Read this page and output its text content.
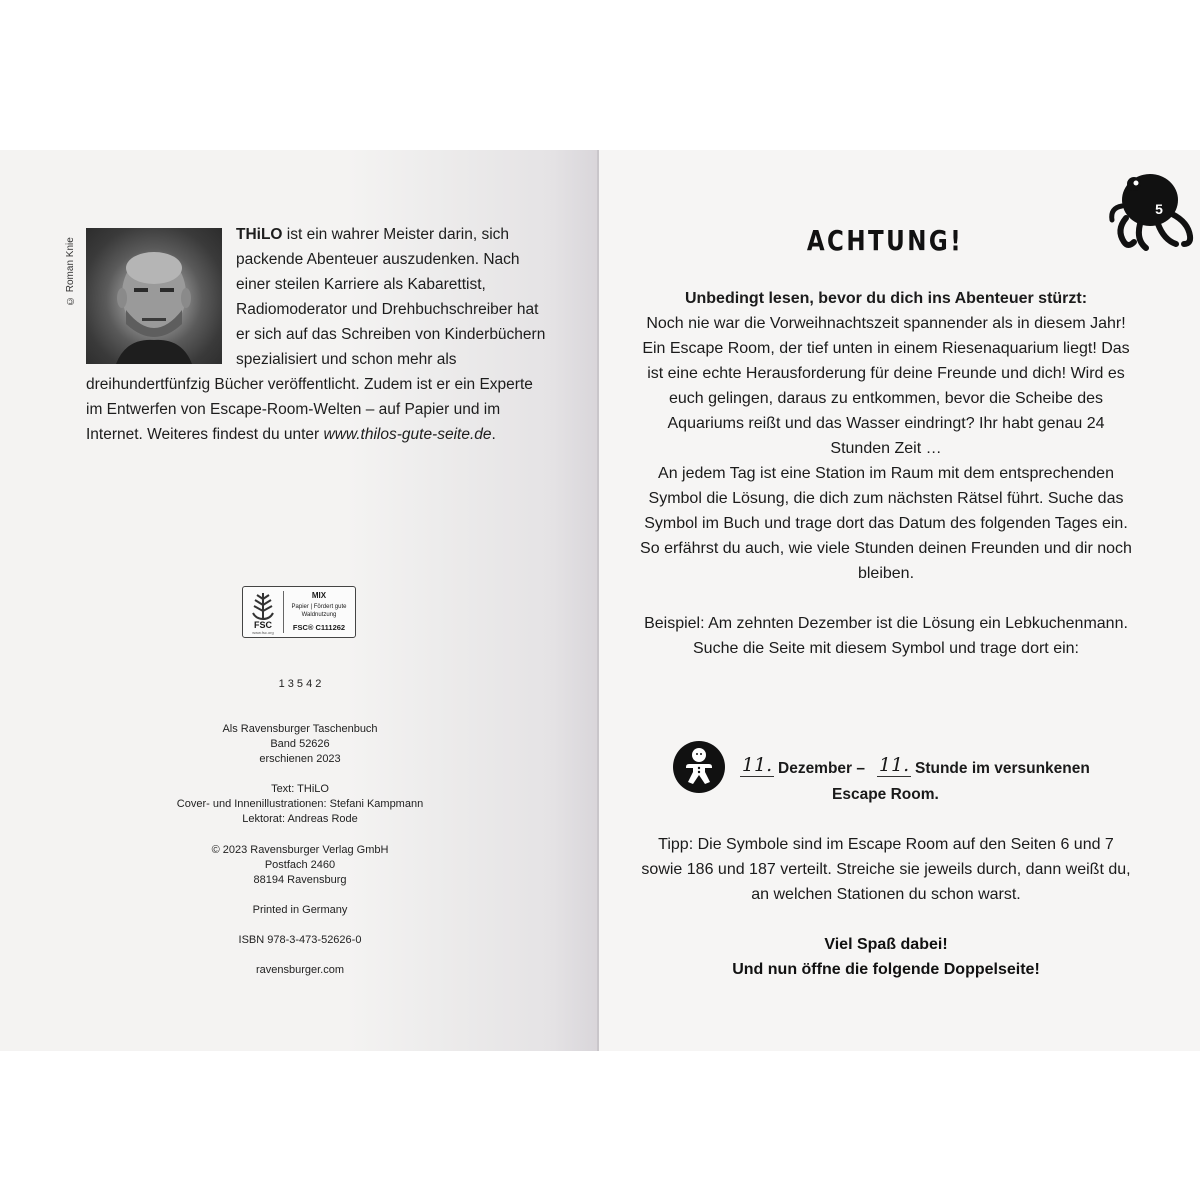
© Roman Knie
THiLO ist ein wahrer Meister darin, sich packende Abenteuer auszudenken. Nach einer steilen Karriere als Kabarettist, Radiomoderator und Drehbuchschreiber hat er sich auf das Schreiben von Kinderbüchern spezialisiert und schon mehr als dreihundertfünfzig Bücher veröffentlicht. Zudem ist er ein Experte im Entwerfen von Escape-Room-Welten – auf Papier und im Internet. Weiteres findest du unter www.thilos-gute-seite.de.
FSC
www.fsc.org
MIX
Papier | Fördert gute Waldnutzung
FSC® C111262
1 3 5 4 2
Als Ravensburger Taschenbuch
Band 52626
erschienen 2023
Text: THiLO
Cover- und Innenillustrationen: Stefani Kampmann
Lektorat: Andreas Rode
© 2023 Ravensburger Verlag GmbH
Postfach 2460
88194 Ravensburg
Printed in Germany
ISBN 978-3-473-52626-0
ravensburger.com
5
ACHTUNG!

Unbedingt lesen, bevor du dich ins Abenteuer stürzt:

Noch nie war die Vorweihnachtszeit spannender als in diesem Jahr! Ein Escape Room, der tief unten in einem Riesenaquarium liegt! Das ist eine echte Herausforderung für deine Freunde und dich! Wird es euch gelingen, daraus zu entkommen, bevor die Scheibe des Aquariums reißt und das Wasser eindringt? Ihr habt genau 24 Stunden Zeit …

An jedem Tag ist eine Station im Raum mit dem entsprechenden Symbol die Lösung, die dich zum nächsten Rätsel führt. Suche das Symbol im Buch und trage dort das Datum des folgenden Tages ein. So erfährst du auch, wie viele Stunden deinen Freunden und dir noch bleiben.

Beispiel: Am zehnten Dezember ist die Lösung ein Lebkuchenmann. Suche die Seite mit diesem Symbol und trage dort ein:

11. Dezember – 11. Stunde im versunkenen
Escape Room.
Tipp: Die Symbole sind im Escape Room auf den Seiten 6 und 7 sowie 186 und 187 verteilt. Streiche sie jeweils durch, dann weißt du, an welchen Stationen du schon warst.
Viel Spaß dabei!
Und nun öffne die folgende Doppelseite!
